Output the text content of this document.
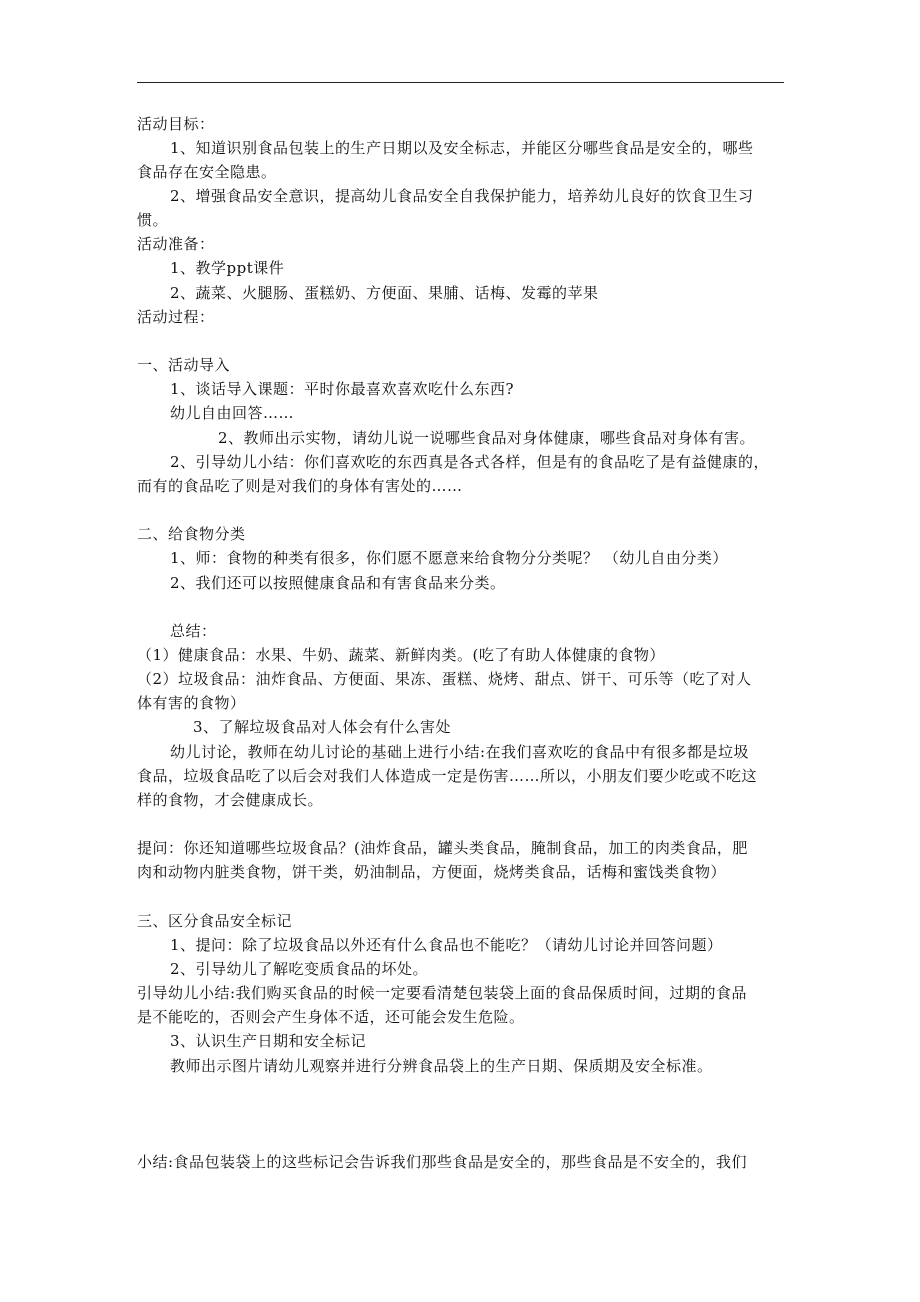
活动目标：
1、知道识别食品包装上的生产日期以及安全标志，并能区分哪些食品是安全的，哪些
食品存在安全隐患。
2、增强食品安全意识，提高幼儿食品安全自我保护能力，培养幼儿良好的饮食卫生习
惯。
活动准备：
1、教学ppt课件
2、蔬菜、火腿肠、蛋糕奶、方便面、果脯、话梅、发霉的苹果
活动过程：
一、活动导入
1、谈话导入课题：平时你最喜欢喜欢吃什么东西?
幼儿自由回答……
2、教师出示实物，请幼儿说一说哪些食品对身体健康，哪些食品对身体有害。
2、引导幼儿小结：你们喜欢吃的东西真是各式各样，但是有的食品吃了是有益健康的，
而有的食品吃了则是对我们的身体有害处的……
二、给食物分类
1、师：食物的种类有很多，你们愿不愿意来给食物分分类呢？ （幼儿自由分类）
2、我们还可以按照健康食品和有害食品来分类。
总结：
（1）健康食品：水果、牛奶、蔬菜、新鲜肉类。(吃了有助人体健康的食物）
（2）垃圾食品：油炸食品、方便面、果冻、蛋糕、烧烤、甜点、饼干、可乐等（吃了对人
体有害的食物）
3、了解垃圾食品对人体会有什么害处
幼儿讨论，教师在幼儿讨论的基础上进行小结:在我们喜欢吃的食品中有很多都是垃圾
食品，垃圾食品吃了以后会对我们人体造成一定是伤害……所以，小朋友们要少吃或不吃这
样的食物，才会健康成长。
提问：你还知道哪些垃圾食品？(油炸食品，罐头类食品，腌制食品，加工的肉类食品，肥
肉和动物内脏类食物，饼干类，奶油制品，方便面，烧烤类食品，话梅和蜜饯类食物）
三、区分食品安全标记
1、提问：除了垃圾食品以外还有什么食品也不能吃？（请幼儿讨论并回答问题）
2、引导幼儿了解吃变质食品的坏处。
引导幼儿小结:我们购买食品的时候一定要看清楚包装袋上面的食品保质时间，过期的食品
是不能吃的，否则会产生身体不适，还可能会发生危险。
3、认识生产日期和安全标记
教师出示图片请幼儿观察并进行分辨食品袋上的生产日期、保质期及安全标准。
小结:食品包装袋上的这些标记会告诉我们那些食品是安全的，那些食品是不安全的，我们
